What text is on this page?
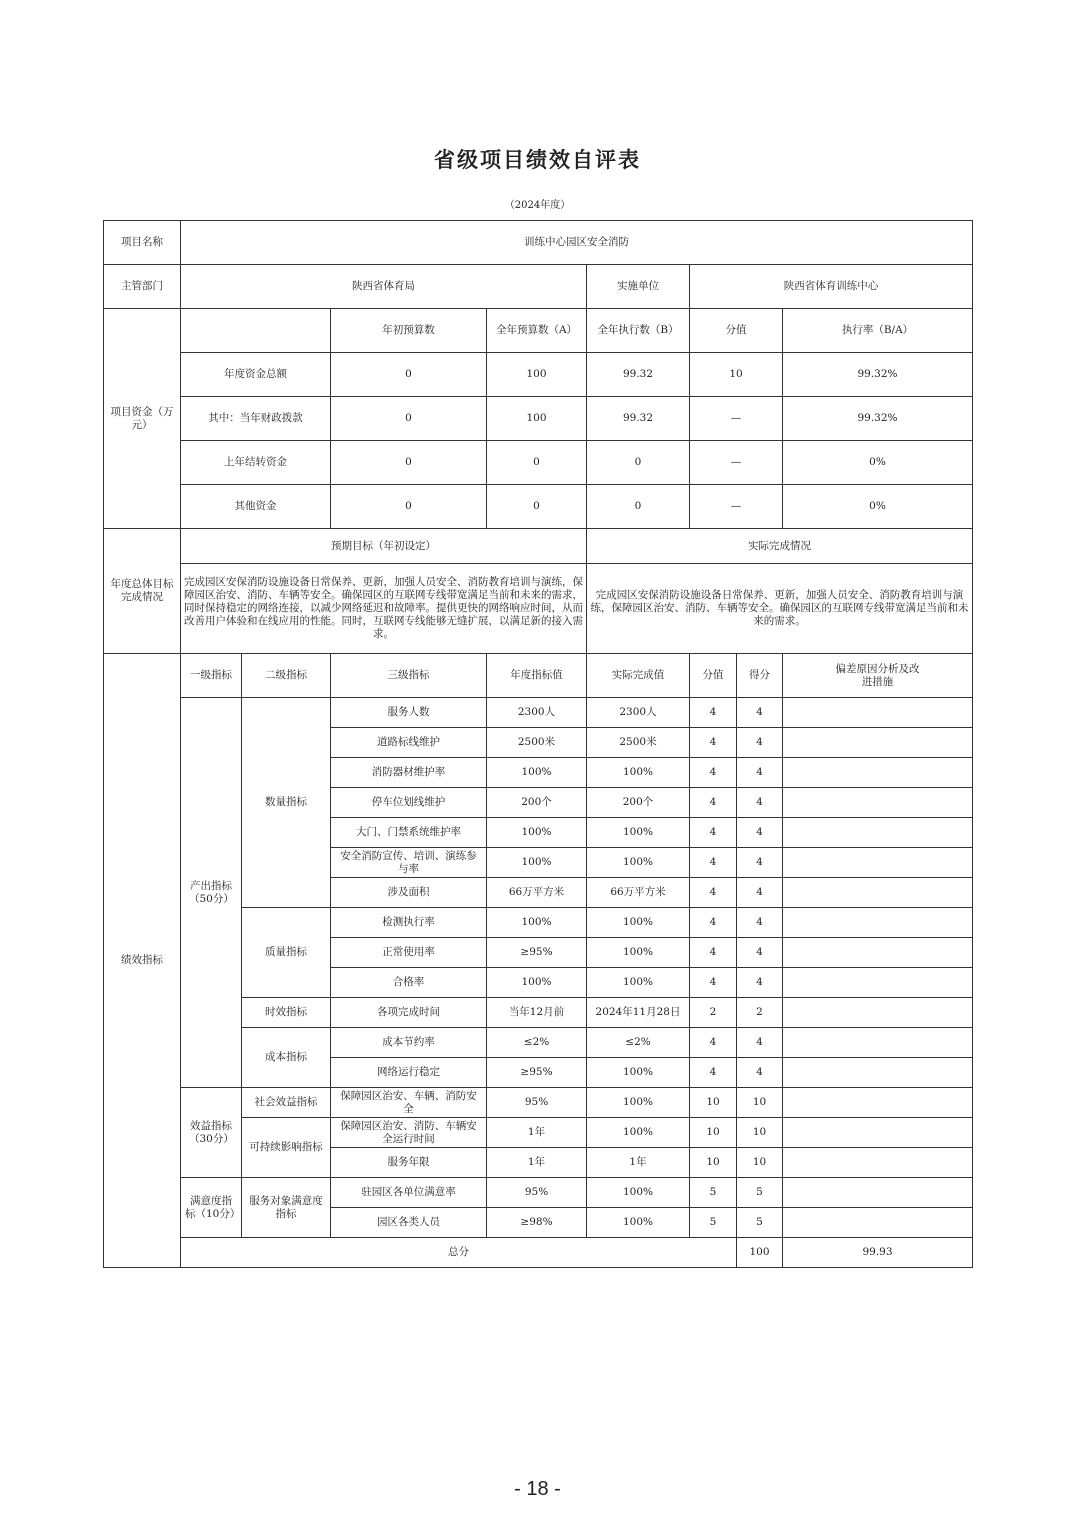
省级项目绩效自评表
（2024年度）
项目名称	训练中心园区安全消防								
主管部门	陕西省体育局				实施单位	陕西省体育训练中心			
项目资金（万元）			年初预算数	全年预算数（A）	全年执行数（B）	分值		执行率（B/A）	
	年度资金总额		0	100	99.32	10		99.32%	
	其中：当年财政拨款		0	100	99.32	—		99.32%	
	上年结转资金		0	0	0	—		0%	
	其他资金		0	0	0	—		0%	
年度总体目标完成情况	预期目标（年初设定）				实际完成情况				
	完成园区安保消防设施设备日常保养、更新，加强人员安全、消防教育培训与演练，保障园区治安、消防、车辆等安全。确保园区的互联网专线带宽满足当前和未来的需求，同时保持稳定的网络连接，以减少网络延迟和故障率。提供更快的网络响应时间，从而改善用户体验和在线应用的性能。同时，互联网专线能够无缝扩展，以满足新的接入需求。				完成园区安保消防设施设备日常保养、更新，加强人员安全、消防教育培训与演练，保障园区治安、消防、车辆等安全。确保园区的互联网专线带宽满足当前和未来的需求。				
绩效指标	一级指标	二级指标	三级指标	年度指标值	实际完成值	分值	得分	偏差原因分析及改进措施	
	产出指标（50分）	数量指标	服务人数	2300人	2300人	4	4		
			道路标线维护	2500米	2500米	4	4		
			消防器材维护率	100%	100%	4	4		
			停车位划线维护	200个	200个	4	4		
			大门、门禁系统维护率	100%	100%	4	4		
			安全消防宣传、培训、演练参与率	100%	100%	4	4		
			涉及面积	66万平方米	66万平方米	4	4		
		质量指标	检测执行率	100%	100%	4	4		
			正常使用率	≥95%	100%	4	4		
			合格率	100%	100%	4	4		
		时效指标	各项完成时间	当年12月前	2024年11月28日	2	2		
		成本指标	成本节约率	≤2%	≤2%	4	4		
			网络运行稳定	≥95%	100%	4	4		
	效益指标（30分）	社会效益指标	保障园区治安、车辆、消防安全	95%	100%	10	10		
		可持续影响指标	保障园区治安、消防、车辆安全运行时间	1年	100%	10	10		
			服务年限	1年	1年	10	10		
	满意度指标（10分）	服务对象满意度指标	驻园区各单位满意率	95%	100%	5	5		
			园区各类人员	≥98%	100%	5	5		
	总分						100	99.93	
- 18 -
